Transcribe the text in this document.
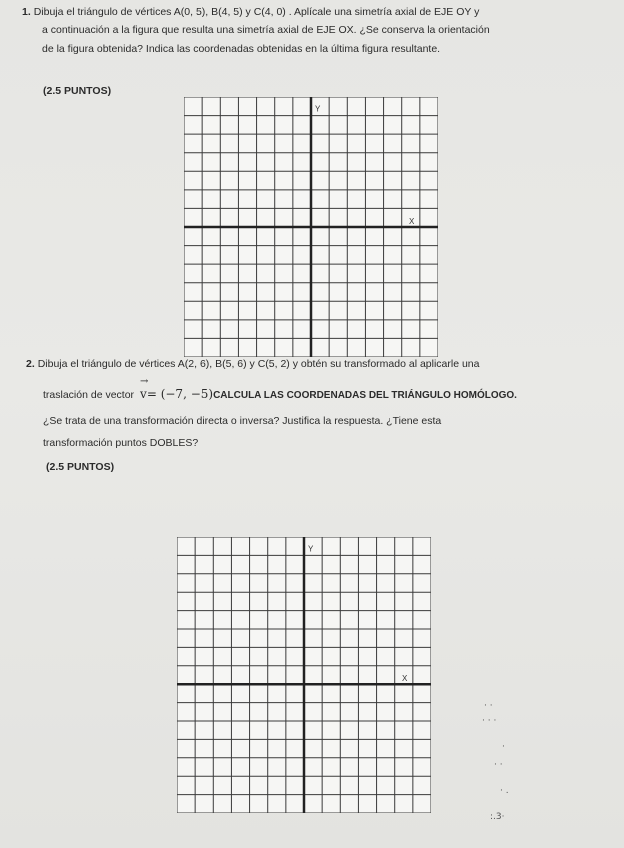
1. Dibuja el triángulo de vértices A(0, 5), B(4, 5) y C(4, 0) . Aplícale una simetría axial de EJE OY y
a continuación a la figura que resulta una simetría axial de EJE OX. ¿Se conserva la orientación
de la figura obtenida? Indica las coordenadas obtenidas en la última figura resultante.
(2.5 PUNTOS)
Y
X
2. Dibuja el triángulo de vértices A(2, 6), B(5, 6) y C(5, 2) y obtén su transformado al aplicarle una
traslación de vector
→ v = (−7, −5) CALCULA LAS COORDENADAS DEL TRIÁNGULO HOMÓLOGO.
¿Se trata de una transformación directa o inversa? Justifica la respuesta. ¿Tiene esta
transformación puntos DOBLES?
(2.5 PUNTOS)
Y
X
· ·
· · ·
·
· ·
· .
:.3·
